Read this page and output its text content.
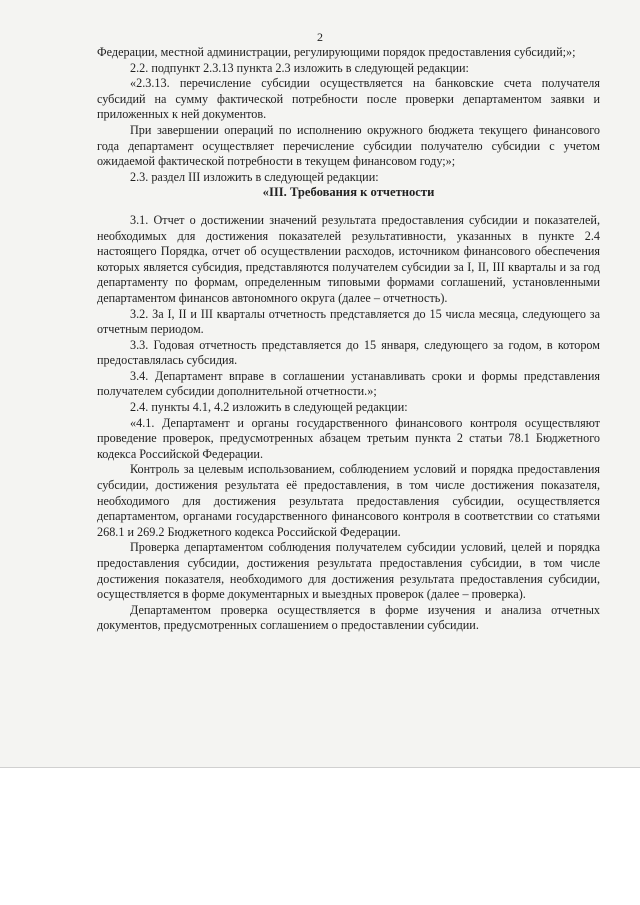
2

Федерации, местной администрации, регулирующими порядок предоставления субсидий;»;

2.2. подпункт 2.3.13 пункта 2.3 изложить в следующей редакции:

«2.3.13. перечисление субсидии осуществляется на банковские счета получателя субсидий на сумму фактической потребности после проверки департаментом заявки и приложенных к ней документов.

При завершении операций по исполнению окружного бюджета текущего финансового года департамент осуществляет перечисление субсидии получателю субсидии с учетом ожидаемой фактической потребности в текущем финансовом году;»;

2.3. раздел III изложить в следующей редакции:

«III. Требования к отчетности

3.1. Отчет о достижении значений результата предоставления субсидии и показателей, необходимых для достижения показателей результативности, указанных в пункте 2.4 настоящего Порядка, отчет об осуществлении расходов, источником финансового обеспечения которых является субсидия, представляются получателем субсидии за I, II, III кварталы и за год департаменту по формам, определенным типовыми формами соглашений, установленными департаментом финансов автономного округа (далее – отчетность).

3.2. За I, II и III кварталы отчетность представляется до 15 числа месяца, следующего за отчетным периодом.

3.3. Годовая отчетность представляется до 15 января, следующего за годом, в котором предоставлялась субсидия.

3.4. Департамент вправе в соглашении устанавливать сроки и формы представления получателем субсидии дополнительной отчетности.»;

2.4. пункты 4.1, 4.2 изложить в следующей редакции:

«4.1. Департамент и органы государственного финансового контроля осуществляют проведение проверок, предусмотренных абзацем третьим пункта 2 статьи 78.1 Бюджетного кодекса Российской Федерации.

Контроль за целевым использованием, соблюдением условий и порядка предоставления субсидии, достижения результата её предоставления, в том числе достижения показателя, необходимого для достижения результата предоставления субсидии, осуществляется департаментом, органами государственного финансового контроля в соответствии со статьями 268.1 и 269.2 Бюджетного кодекса Российской Федерации.

Проверка департаментом соблюдения получателем субсидии условий, целей и порядка предоставления субсидии, достижения результата предоставления субсидии, в том числе достижения показателя, необходимого для достижения результата предоставления субсидии, осуществляется в форме документарных и выездных проверок (далее – проверка).

Департаментом проверка осуществляется в форме изучения и анализа отчетных документов, предусмотренных соглашением о предоставлении субсидии.
